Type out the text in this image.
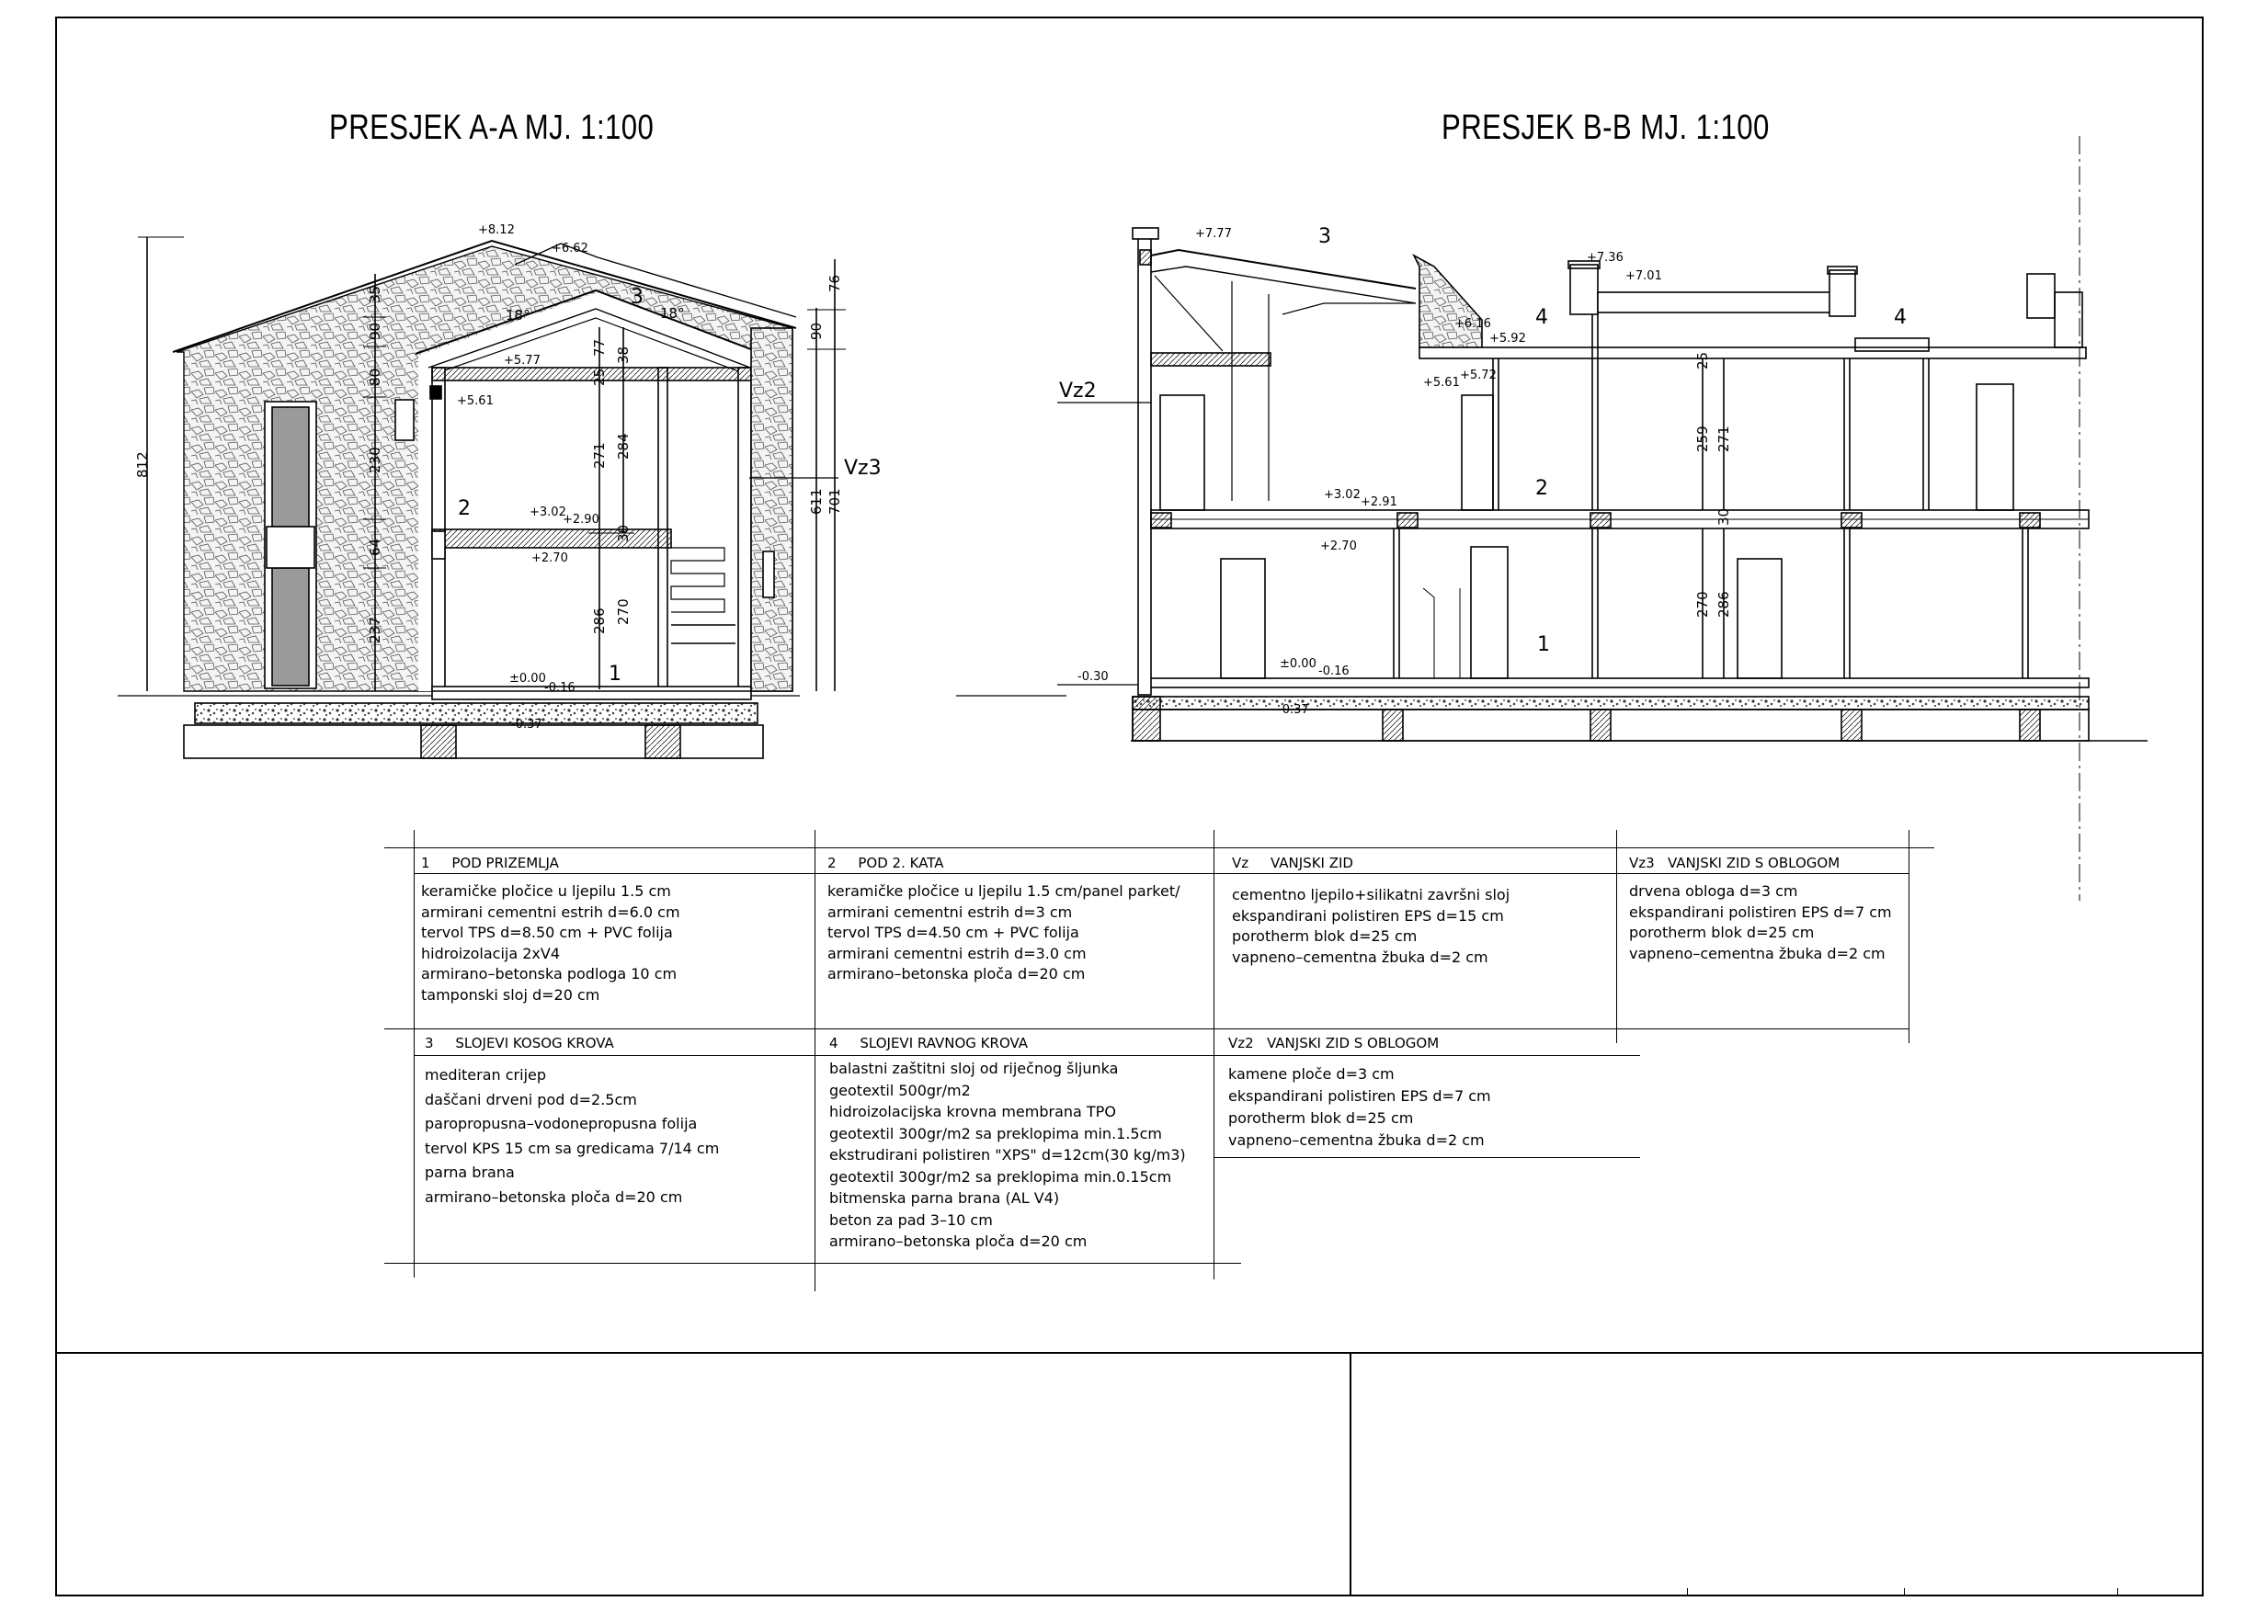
PRESJEK A-A MJ. 1:100	PRESJEK B-B MJ. 1:100
+8.12
+6.62
+5.77
+5.61
+3.02
+2.90
+2.70
±0.00
-0.16
-0.37
812
35
90
80
230
64
237
77 38
25
271 284
286 270
30
76
90
611 701
18°	18°
1
2
3
Vz3
+7.77
+7.36
+7.01
+6.16
+5.92
+5.61
+5.72
+3.02
+2.91
+2.70
±0.00
-0.16
-0.30
-0.37
259 271
270 286
25
30
1
2
3
4	4
Vz2
1     POD PRIZEMLJA
keramičke pločice u ljepilu 1.5 cm
armirani cementni estrih d=6.0 cm
tervol TPS d=8.50 cm + PVC folija
hidroizolacija 2xV4
armirano–betonska podloga 10 cm
tamponski sloj d=20 cm
2     POD 2. KATA
keramičke pločice u ljepilu 1.5 cm/panel parket/
armirani cementni estrih d=3 cm
tervol TPS d=4.50 cm + PVC folija
armirani cementni estrih d=3.0 cm
armirano–betonska ploča d=20 cm
Vz     VANJSKI ZID
cementno ljepilo+silikatni završni sloj
ekspandirani polistiren EPS d=15 cm
porotherm blok d=25 cm
vapneno–cementna žbuka d=2 cm
Vz3   VANJSKI ZID S OBLOGOM
drvena obloga d=3 cm
ekspandirani polistiren EPS d=7 cm
porotherm blok d=25 cm
vapneno–cementna žbuka d=2 cm
3     SLOJEVI KOSOG KROVA
mediteran crijep
daščani drveni pod d=2.5cm
paropropusna–vodonepropusna folija
tervol KPS 15 cm sa gredicama 7/14 cm
parna brana
armirano–betonska ploča d=20 cm
4     SLOJEVI RAVNOG KROVA
balastni zaštitni sloj od riječnog šljunka
geotextil 500gr/m2
hidroizolacijska krovna membrana TPO
geotextil 300gr/m2 sa preklopima min.1.5cm
ekstrudirani polistiren "XPS" d=12cm(30 kg/m3)
geotextil 300gr/m2 sa preklopima min.0.15cm
bitmenska parna brana (AL V4)
beton za pad 3–10 cm
armirano–betonska ploča d=20 cm
Vz2   VANJSKI ZID S OBLOGOM
kamene ploče d=3 cm
ekspandirani polistiren EPS d=7 cm
porotherm blok d=25 cm
vapneno–cementna žbuka d=2 cm
